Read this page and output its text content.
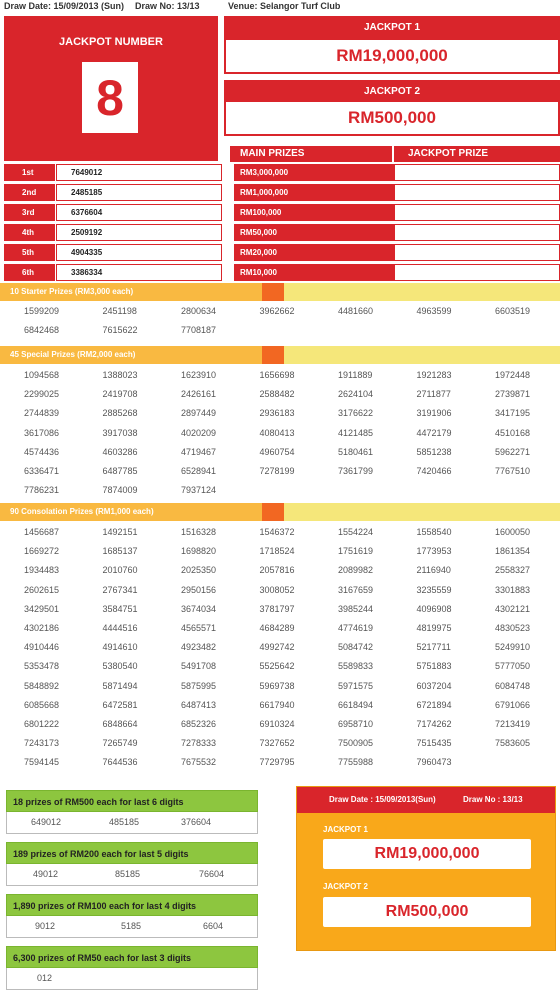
Draw Date: 15/09/2013 (Sun) Draw No: 13/13	Venue: Selangor Turf Club
JACKPOT NUMBER
8
JACKPOT 1
RM19,000,000
JACKPOT 2
RM500,000
MAIN PRIZES	JACKPOT PRIZE
1st	7649012	RM3,000,000
2nd	2485185	RM1,000,000
3rd	6376604	RM100,000
4th	2509192	RM50,000
5th	4904335	RM20,000
6th	3386334	RM10,000
10 Starter Prizes (RM3,000 each)
1599209	2451198	2800634	3962662	4481660	4963599	6603519
6842468	7615622	7708187
45 Special Prizes (RM2,000 each)
1094568	1388023	1623910	1656698	1911889	1921283	1972448
2299025	2419708	2426161	2588482	2624104	2711877	2739871
2744839	2885268	2897449	2936183	3176622	3191906	3417195
3617086	3917038	4020209	4080413	4121485	4472179	4510168
4574436	4603286	4719467	4960754	5180461	5851238	5962271
6336471	6487785	6528941	7278199	7361799	7420466	7767510
7786231	7874009	7937124
90 Consolation Prizes (RM1,000 each)
1456687	1492151	1516328	1546372	1554224	1558540	1600050
1669272	1685137	1698820	1718524	1751619	1773953	1861354
1934483	2010760	2025350	2057816	2089982	2116940	2558327
2602615	2767341	2950156	3008052	3167659	3235559	3301883
3429501	3584751	3674034	3781797	3985244	4096908	4302121
4302186	4444516	4565571	4684289	4774619	4819975	4830523
4910446	4914610	4923482	4992742	5084742	5217711	5249910
5353478	5380540	5491708	5525642	5589833	5751883	5777050
5848892	5871494	5875995	5969738	5971575	6037204	6084748
6085668	6472581	6487413	6617940	6618494	6721894	6791066
6801222	6848664	6852326	6910324	6958710	7174262	7213419
7243173	7265749	7278333	7327652	7500905	7515435	7583605
7594145	7644536	7675532	7729795	7755988	7960473
18 prizes of RM500 each for last 6 digits
649012	485185	376604
189 prizes of RM200 each for last 5 digits
49012	85185	76604
1,890 prizes of RM100 each for last 4 digits
9012	5185	6604
6,300 prizes of RM50 each for last 3 digits
012
Draw Date : 15/09/2013(Sun)	Draw No : 13/13
JACKPOT 1
RM19,000,000
JACKPOT 2
RM500,000
